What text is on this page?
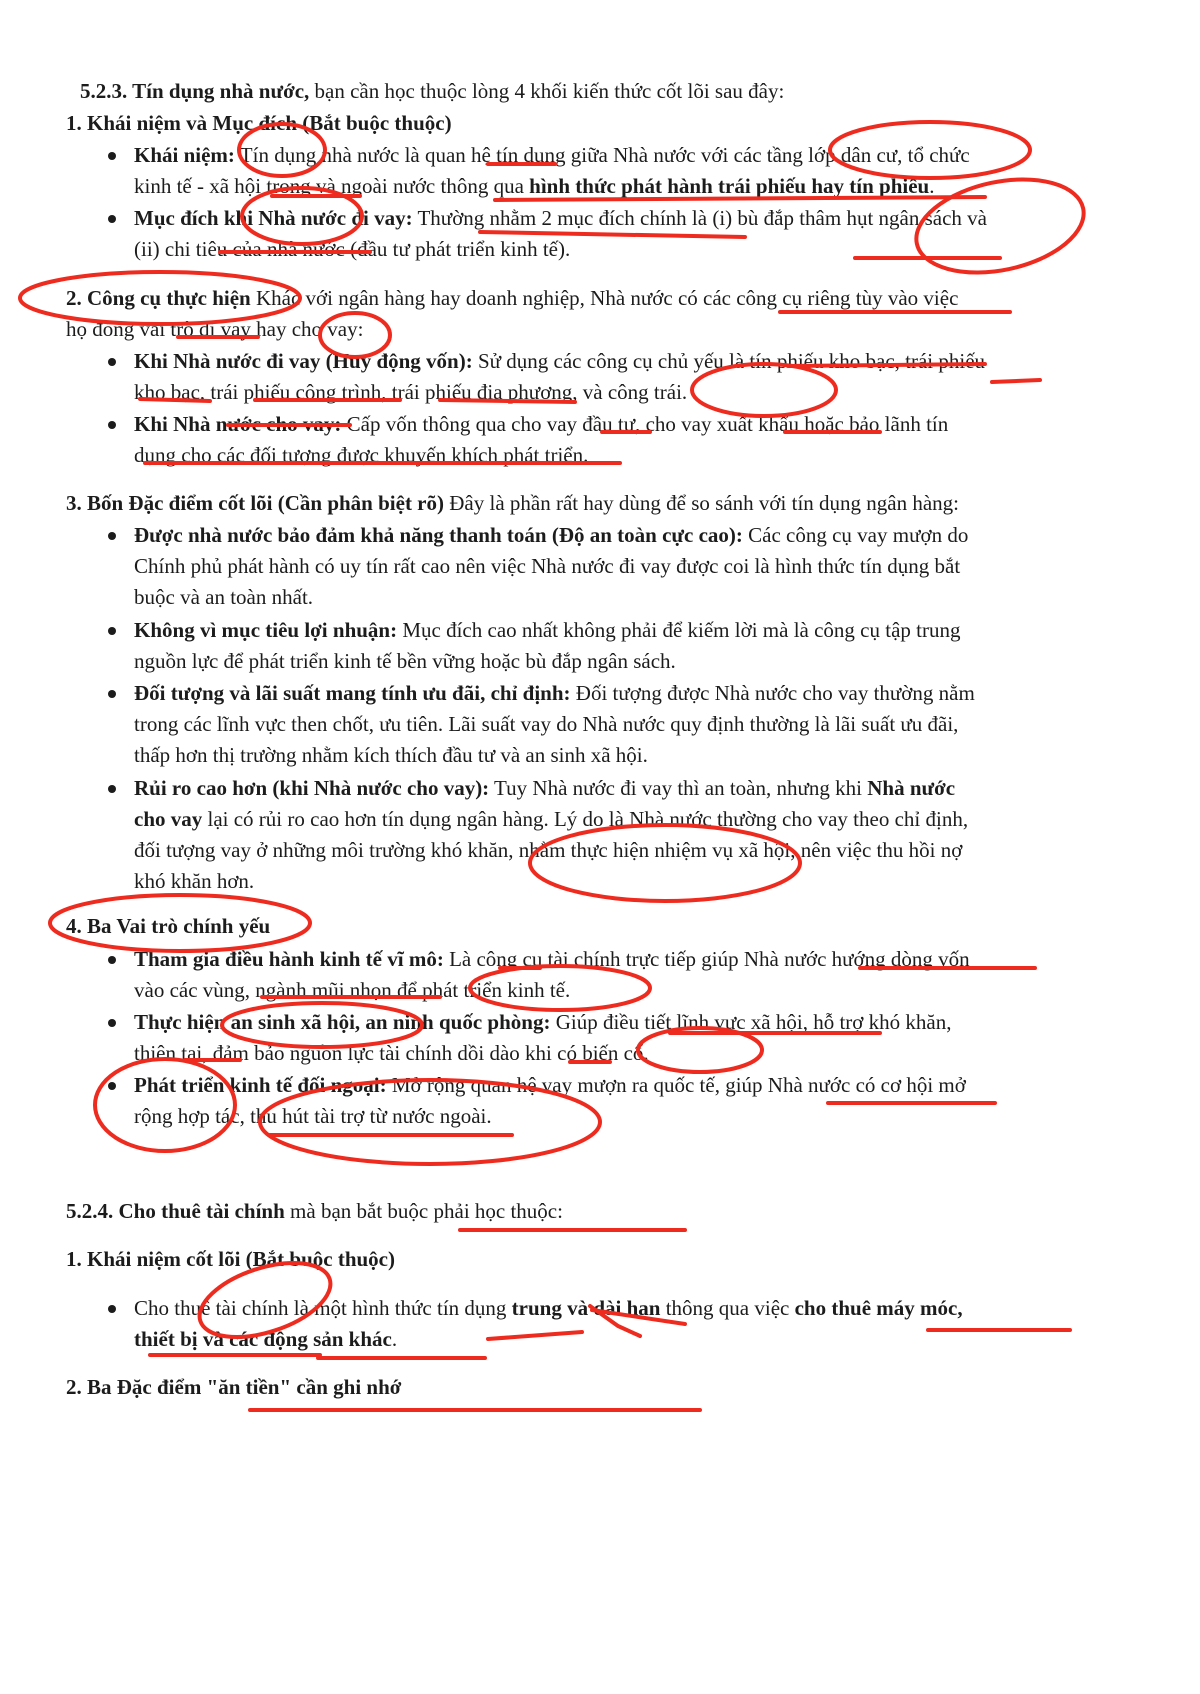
5.2.3. Tín dụng nhà nước, bạn cần học thuộc lòng 4 khối kiến thức cốt lõi sau đây:
1. Khái niệm và Mục đích (Bắt buộc thuộc)
Khái niệm: Tín dụng nhà nước là quan hệ tín dụng giữa Nhà nước với các tầng lớp dân cư, tổ chức
kinh tế - xã hội trong và ngoài nước thông qua hình thức phát hành trái phiếu hay tín phiếu.
Mục đích khi Nhà nước đi vay: Thường nhằm 2 mục đích chính là (i) bù đắp thâm hụt ngân sách và
(ii) chi tiêu của nhà nước (đầu tư phát triển kinh tế).
2. Công cụ thực hiện Khác với ngân hàng hay doanh nghiệp, Nhà nước có các công cụ riêng tùy vào việc
họ đóng vai trò đi vay hay cho vay:
Khi Nhà nước đi vay (Huy động vốn): Sử dụng các công cụ chủ yếu là tín phiếu kho bạc, trái phiếu
kho bạc, trái phiếu công trình, trái phiếu địa phương, và công trái.
Khi Nhà nước cho vay: Cấp vốn thông qua cho vay đầu tư, cho vay xuất khẩu hoặc bảo lãnh tín
dụng cho các đối tượng được khuyến khích phát triển.
3. Bốn Đặc điểm cốt lõi (Cần phân biệt rõ) Đây là phần rất hay dùng để so sánh với tín dụng ngân hàng:
Được nhà nước bảo đảm khả năng thanh toán (Độ an toàn cực cao): Các công cụ vay mượn do
Chính phủ phát hành có uy tín rất cao nên việc Nhà nước đi vay được coi là hình thức tín dụng bắt
buộc và an toàn nhất.
Không vì mục tiêu lợi nhuận: Mục đích cao nhất không phải để kiếm lời mà là công cụ tập trung
nguồn lực để phát triển kinh tế bền vững hoặc bù đắp ngân sách.
Đối tượng và lãi suất mang tính ưu đãi, chỉ định: Đối tượng được Nhà nước cho vay thường nằm
trong các lĩnh vực then chốt, ưu tiên. Lãi suất vay do Nhà nước quy định thường là lãi suất ưu đãi,
thấp hơn thị trường nhằm kích thích đầu tư và an sinh xã hội.
Rủi ro cao hơn (khi Nhà nước cho vay): Tuy Nhà nước đi vay thì an toàn, nhưng khi Nhà nước
cho vay lại có rủi ro cao hơn tín dụng ngân hàng. Lý do là Nhà nước thường cho vay theo chỉ định,
đối tượng vay ở những môi trường khó khăn, nhằm thực hiện nhiệm vụ xã hội, nên việc thu hồi nợ
khó khăn hơn.
4. Ba Vai trò chính yếu
Tham gia điều hành kinh tế vĩ mô: Là công cụ tài chính trực tiếp giúp Nhà nước hướng dòng vốn
vào các vùng, ngành mũi nhọn để phát triển kinh tế.
Thực hiện an sinh xã hội, an ninh quốc phòng: Giúp điều tiết lĩnh vực xã hội, hỗ trợ khó khăn,
thiên tai, đảm bảo nguồn lực tài chính dồi dào khi có biến cố.
Phát triển kinh tế đối ngoại: Mở rộng quan hệ vay mượn ra quốc tế, giúp Nhà nước có cơ hội mở
rộng hợp tác, thu hút tài trợ từ nước ngoài.
5.2.4. Cho thuê tài chính mà bạn bắt buộc phải học thuộc:
1. Khái niệm cốt lõi (Bắt buộc thuộc)
Cho thuê tài chính là một hình thức tín dụng trung và dài hạn thông qua việc cho thuê máy móc,
thiết bị và các động sản khác.
2. Ba Đặc điểm "ăn tiền" cần ghi nhớ
